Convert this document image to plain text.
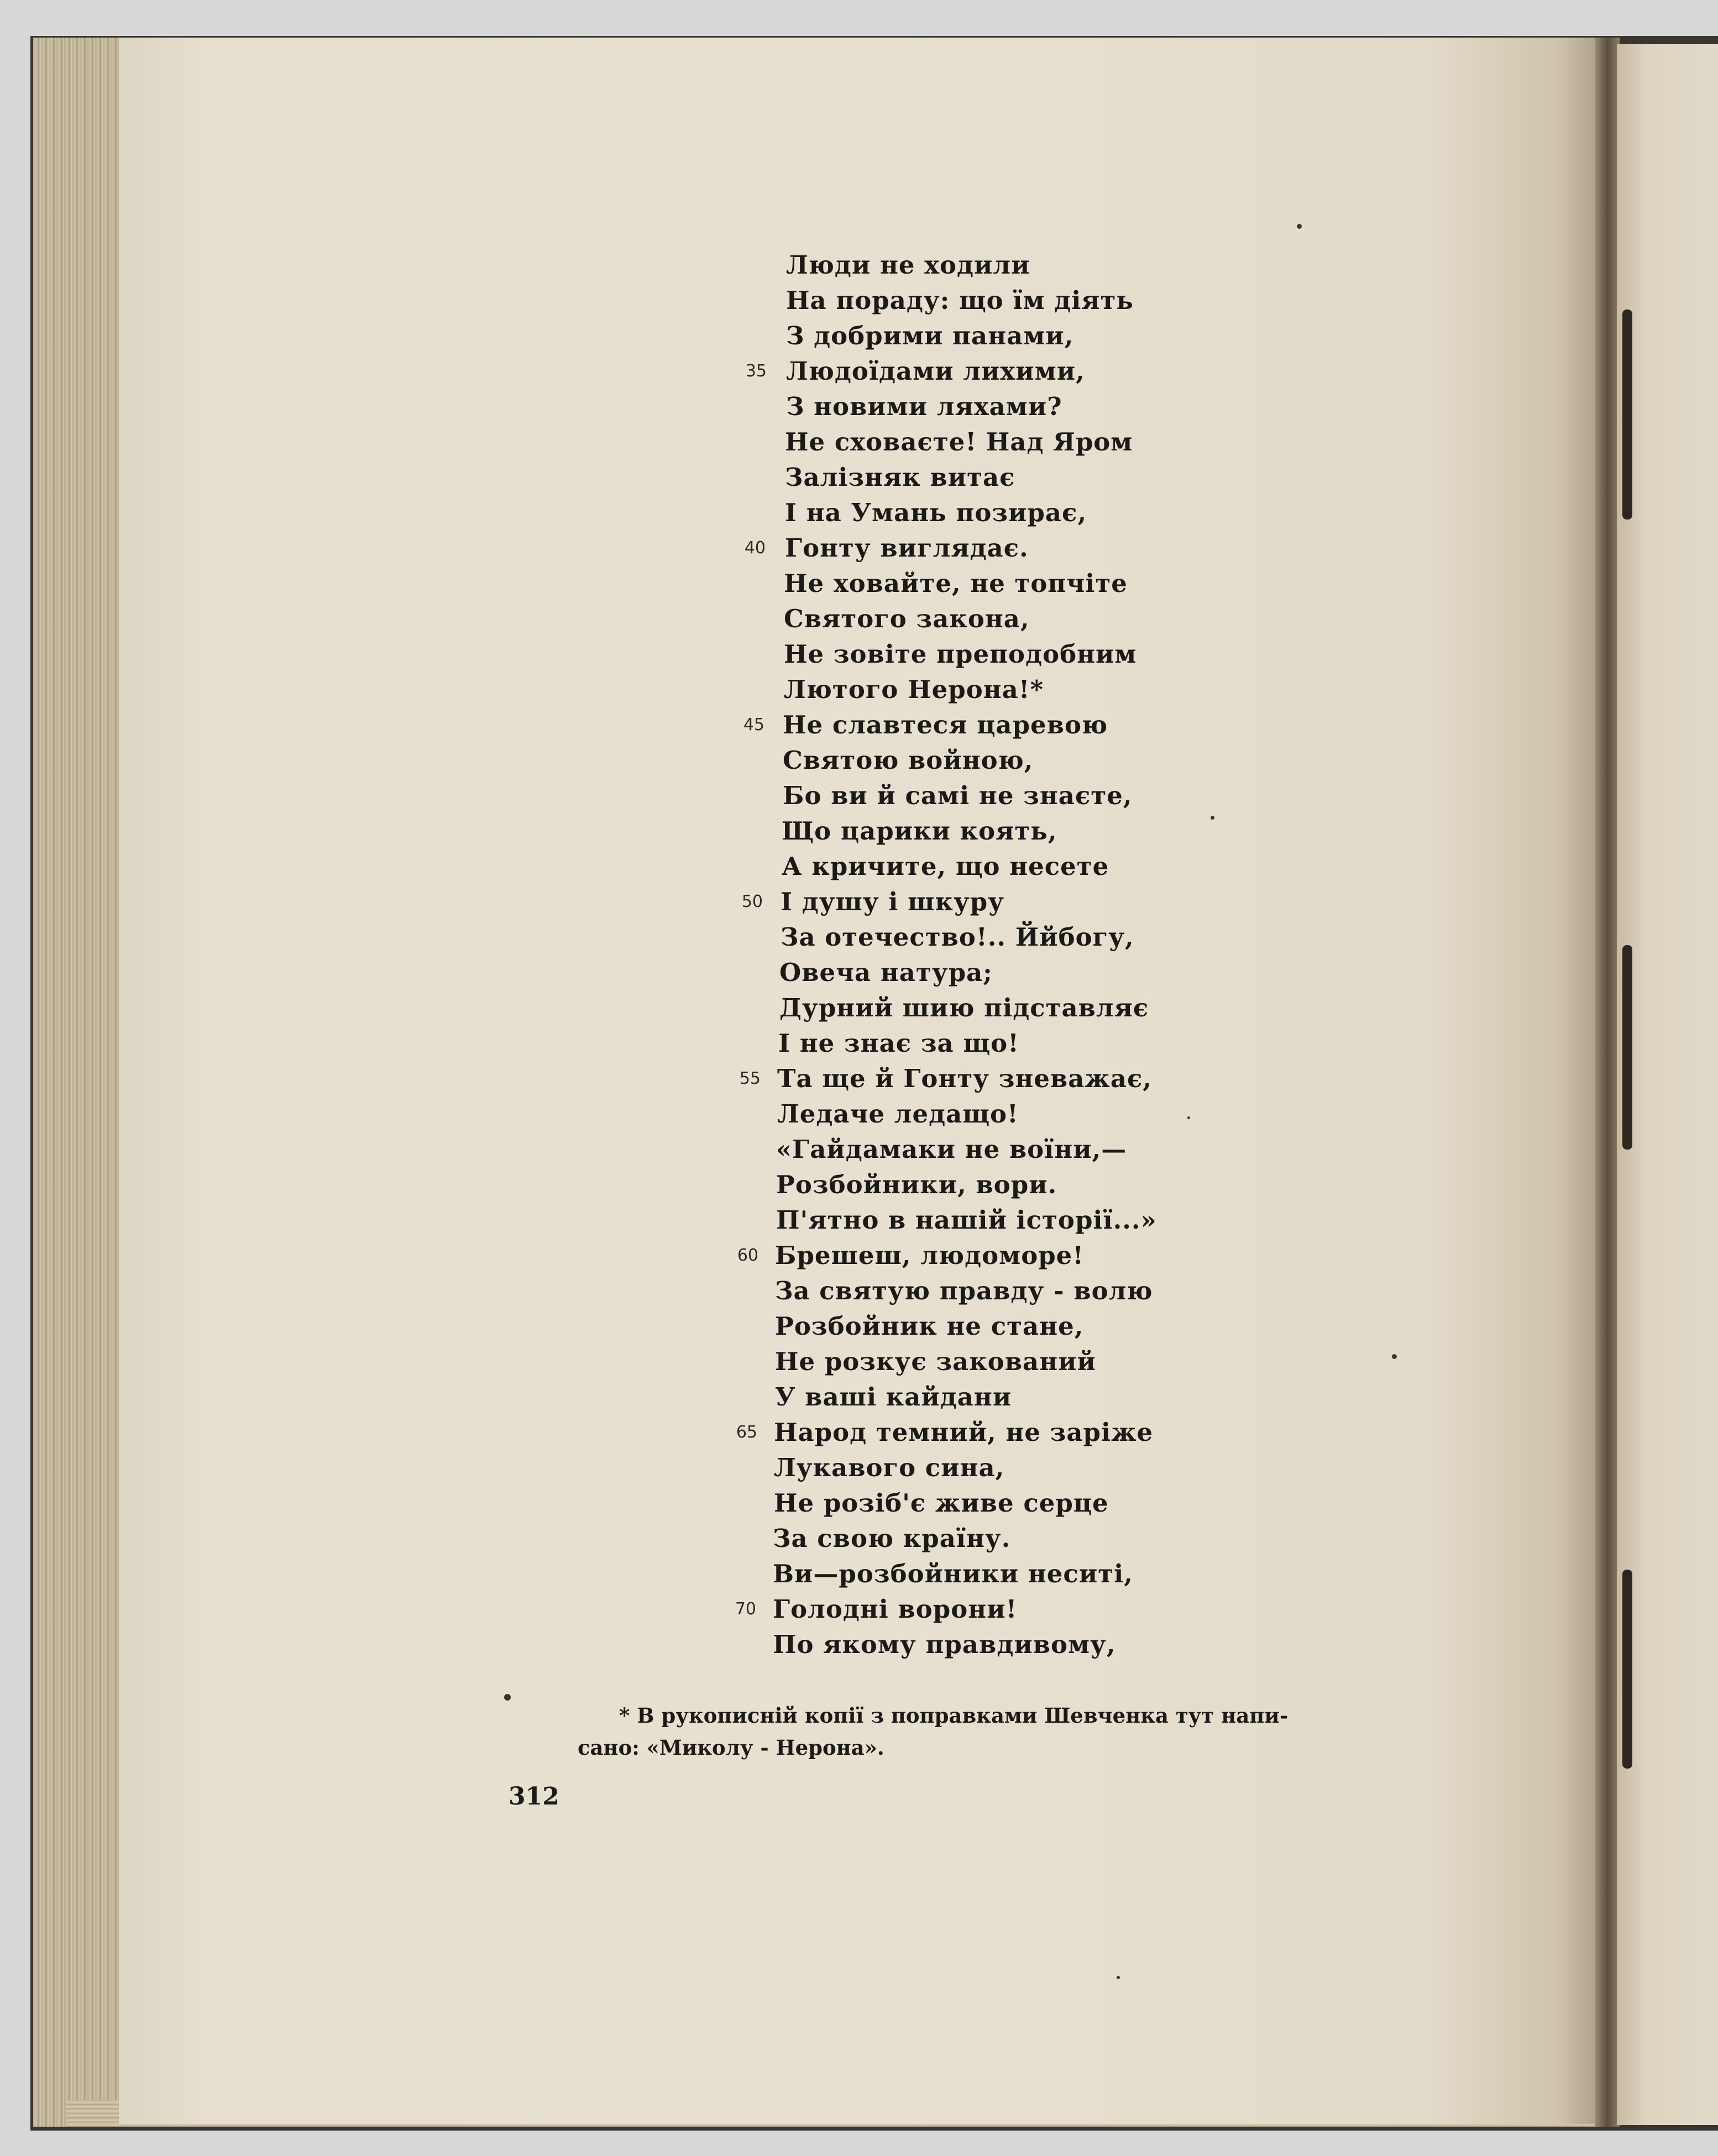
Люди не ходили
На пораду: що їм діять
З добрими панами,
Людоїдами лихими,
З новими ляхами?
Не сховаєте! Над Яром
Залізняк витає
І на Умань позирає,
Гонту виглядає.
Не ховайте, не топчіте
Святого закона,
Не зовіте преподобним
Лютого Нерона!*
Не славтеся царевою
Святою войною,
Бо ви й самі не знаєте,
Що царики коять,
А кричите, що несете
І душу і шкуру
За отечество!.. Ййбогу,
Овеча натура;
Дурний шию підставляє
І не знає за що!
Та ще й Гонту зневажає,
Ледаче ледащо!
«Гайдамаки не воїни,—
Розбойники, вори.
П'ятно в нашій історії...»
Брешеш, людоморе!
За святую правду - волю
Розбойник не стане,
Не розкує закований
У ваші кайдани
Народ темний, не заріже
Лукавого сина,
Не розіб'є живе серце
За свою країну.
Ви—розбойники неситі,
Голодні ворони!
По якому правдивому,
35
40
45
50
55
60
65
70
* В рукописній копії з поправками Шевченка тут напи-
сано: «Миколу - Нерона».
312
